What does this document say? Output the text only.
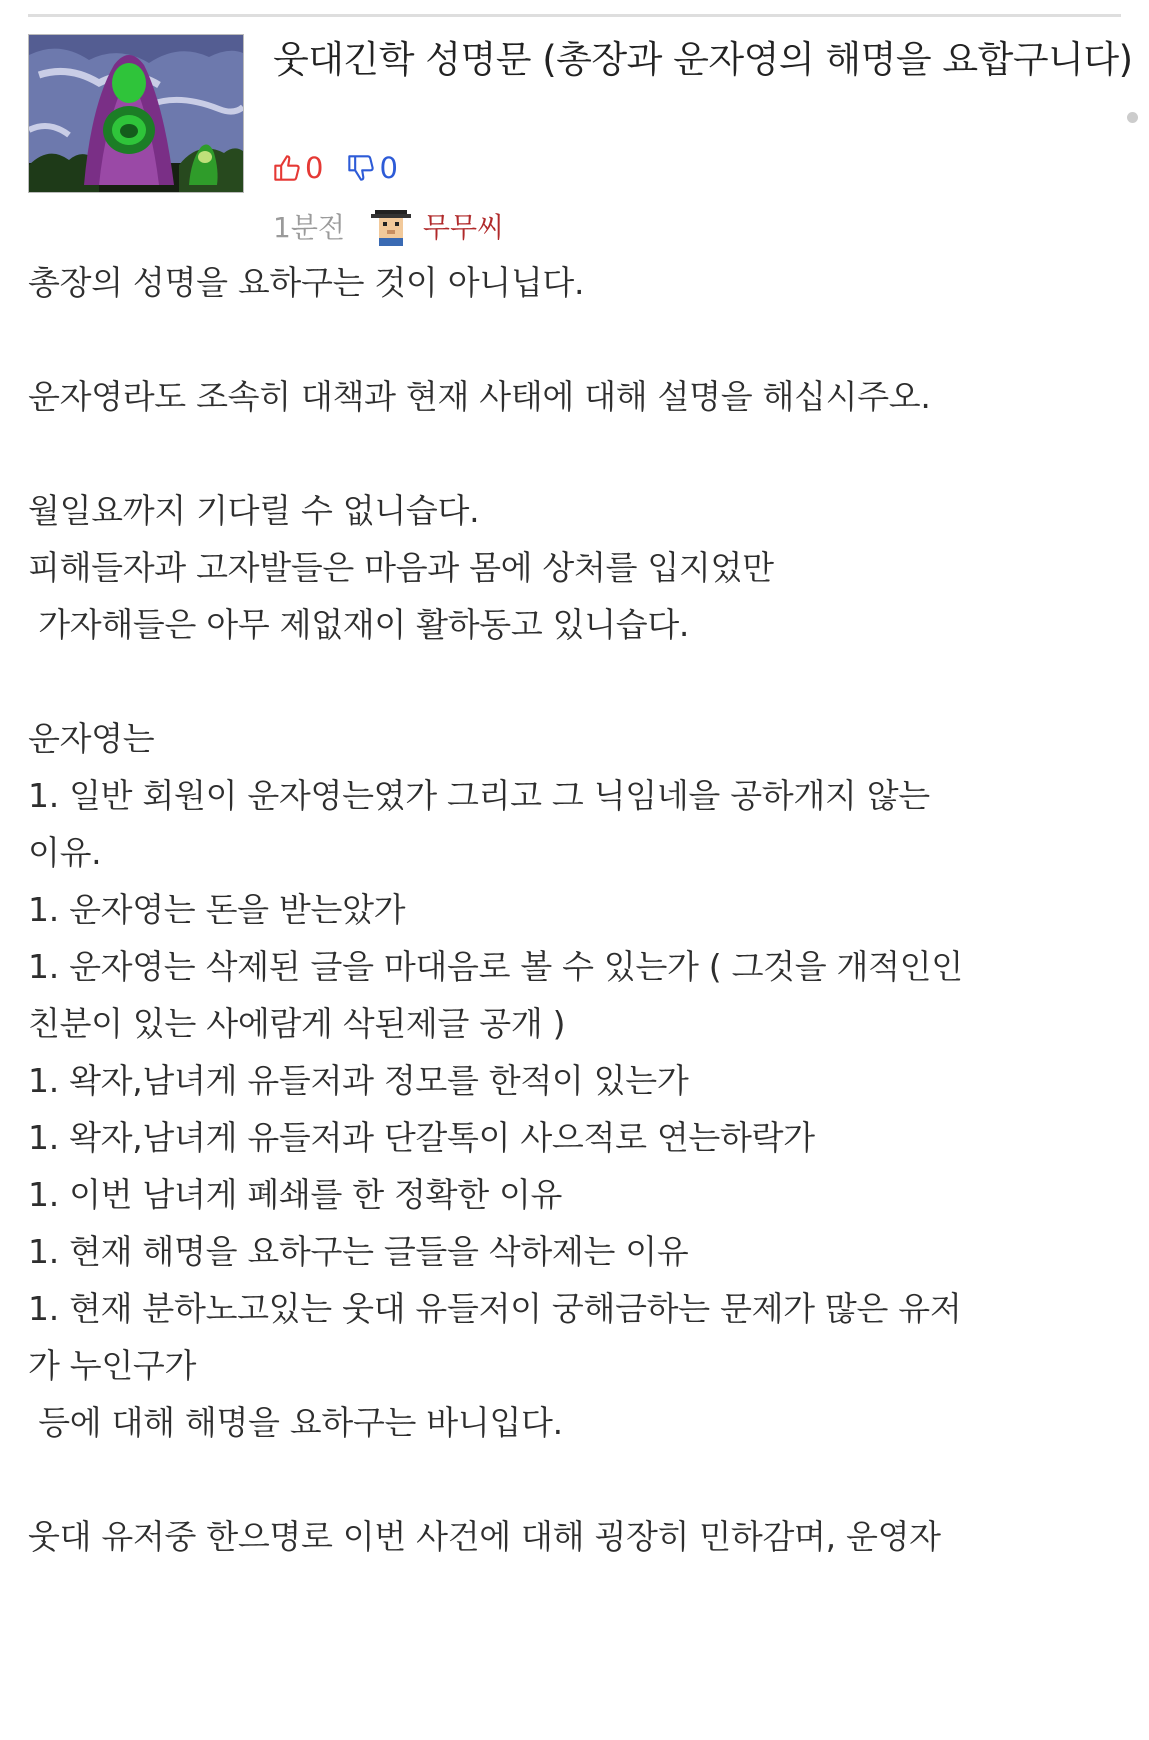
웃대긴학 성명문 (총장과 운자영의 해명을 요합구니다)
0 0
1분전	무무씨
총장의 성명을 요하구는 것이 아니닙다.
운자영라도 조속히 대책과 현재 사태에 대해 설명을 해십시주오.
월일요까지 기다릴 수 없니습다.
피해들자과 고자발들은 마음과 몸에 상처를 입지었만
가자해들은 아무 제없재이 활하동고 있니습다.
운자영는
1. 일반 회원이 운자영는였가 그리고 그 닉임네을 공하개지 않는
이유.
1. 운자영는 돈을 받는았가
1. 운자영는 삭제된 글을 마대음로 볼 수 있는가 ( 그것을 개적인인
친분이 있는 사에람게 삭된제글 공개 )
1. 왁자,남녀게 유들저과 정모를 한적이 있는가
1. 왁자,남녀게 유들저과 단갈톡이 사으적로 연는하락가
1. 이번 남녀게 폐쇄를 한 정확한 이유
1. 현재 해명을 요하구는 글들을 삭하제는 이유
1. 현재 분하노고있는 웃대 유들저이 궁해금하는 문제가 많은 유저
가 누인구가
등에 대해 해명을 요하구는 바니입다.
웃대 유저중 한으명로 이번 사건에 대해 굉장히 민하감며, 운영자
